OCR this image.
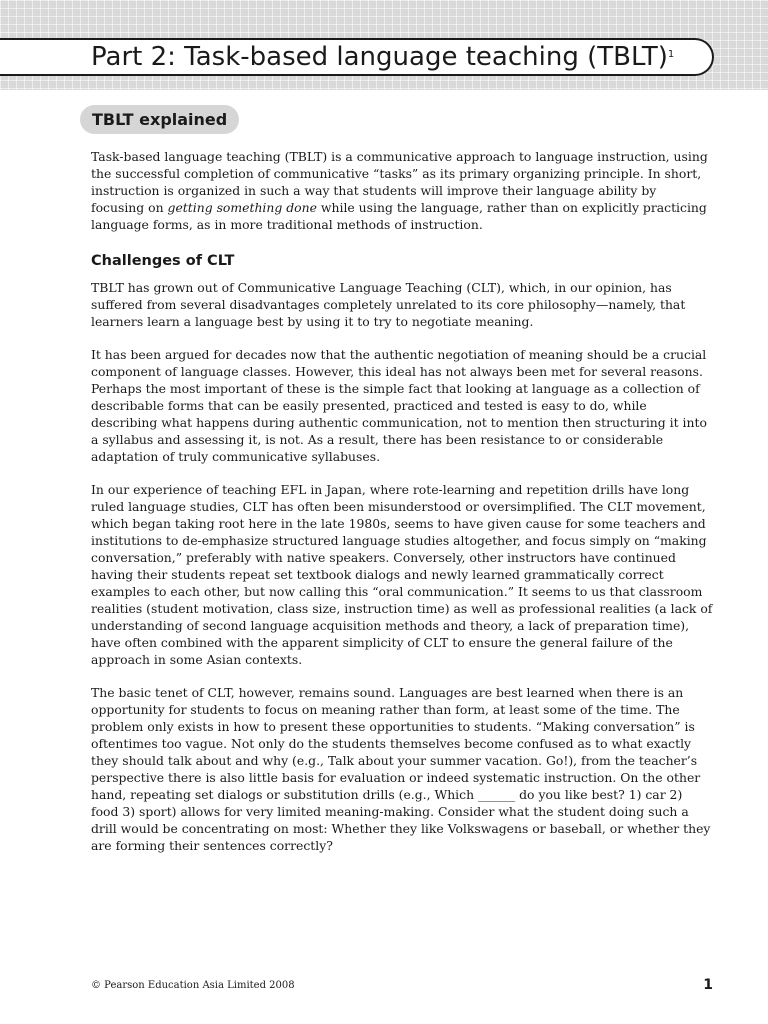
Part 2: Task-based language teaching (TBLT)$^1$
TBLT explained

Task-based language teaching (TBLT) is a communicative approach to language instruction, using the successful completion of communicative “tasks” as its primary organizing principle. In short, instruction is organized in such a way that students will improve their language ability by focusing on getting something done while using the language, rather than on explicitly practicing language forms, as in more traditional methods of instruction.

Challenges of CLT

TBLT has grown out of Communicative Language Teaching (CLT), which, in our opinion, has suffered from several disadvantages completely unrelated to its core philosophy—namely, that learners learn a language best by using it to try to negotiate meaning.

It has been argued for decades now that the authentic negotiation of meaning should be a crucial component of language classes. However, this ideal has not always been met for several reasons. Perhaps the most important of these is the simple fact that looking at language as a collection of describable forms that can be easily presented, practiced and tested is easy to do, while describing what happens during authentic communication, not to mention then structuring it into a syllabus and assessing it, is not. As a result, there has been resistance to or considerable adaptation of truly communicative syllabuses.

In our experience of teaching EFL in Japan, where rote-learning and repetition drills have long ruled language studies, CLT has often been misunderstood or oversimplified. The CLT movement, which began taking root here in the late 1980s, seems to have given cause for some teachers and institutions to de-emphasize structured language studies altogether, and focus simply on “making conversation,” preferably with native speakers. Conversely, other instructors have continued having their students repeat set textbook dialogs and newly learned grammatically correct examples to each other, but now calling this “oral communication.” It seems to us that classroom realities (student motivation, class size, instruction time) as well as professional realities (a lack of understanding of second language acquisition methods and theory, a lack of preparation time), have often combined with the apparent simplicity of CLT to ensure the general failure of the approach in some Asian contexts.

The basic tenet of CLT, however, remains sound. Languages are best learned when there is an opportunity for students to focus on meaning rather than form, at least some of the time. The problem only exists in how to present these opportunities to students. “Making conversation” is oftentimes too vague. Not only do the students themselves become confused as to what exactly they should talk about and why (e.g., Talk about your summer vacation. Go!), from the teacher’s perspective there is also little basis for evaluation or indeed systematic instruction. On the other hand, repeating set dialogs or substitution drills (e.g., Which ______ do you like best? 1) car 2) food 3) sport) allows for very limited meaning-making. Consider what the student doing such a drill would be concentrating on most: Whether they like Volkswagens or baseball, or whether they are forming their sentences correctly?

© Pearson Education Asia Limited 2008	1
